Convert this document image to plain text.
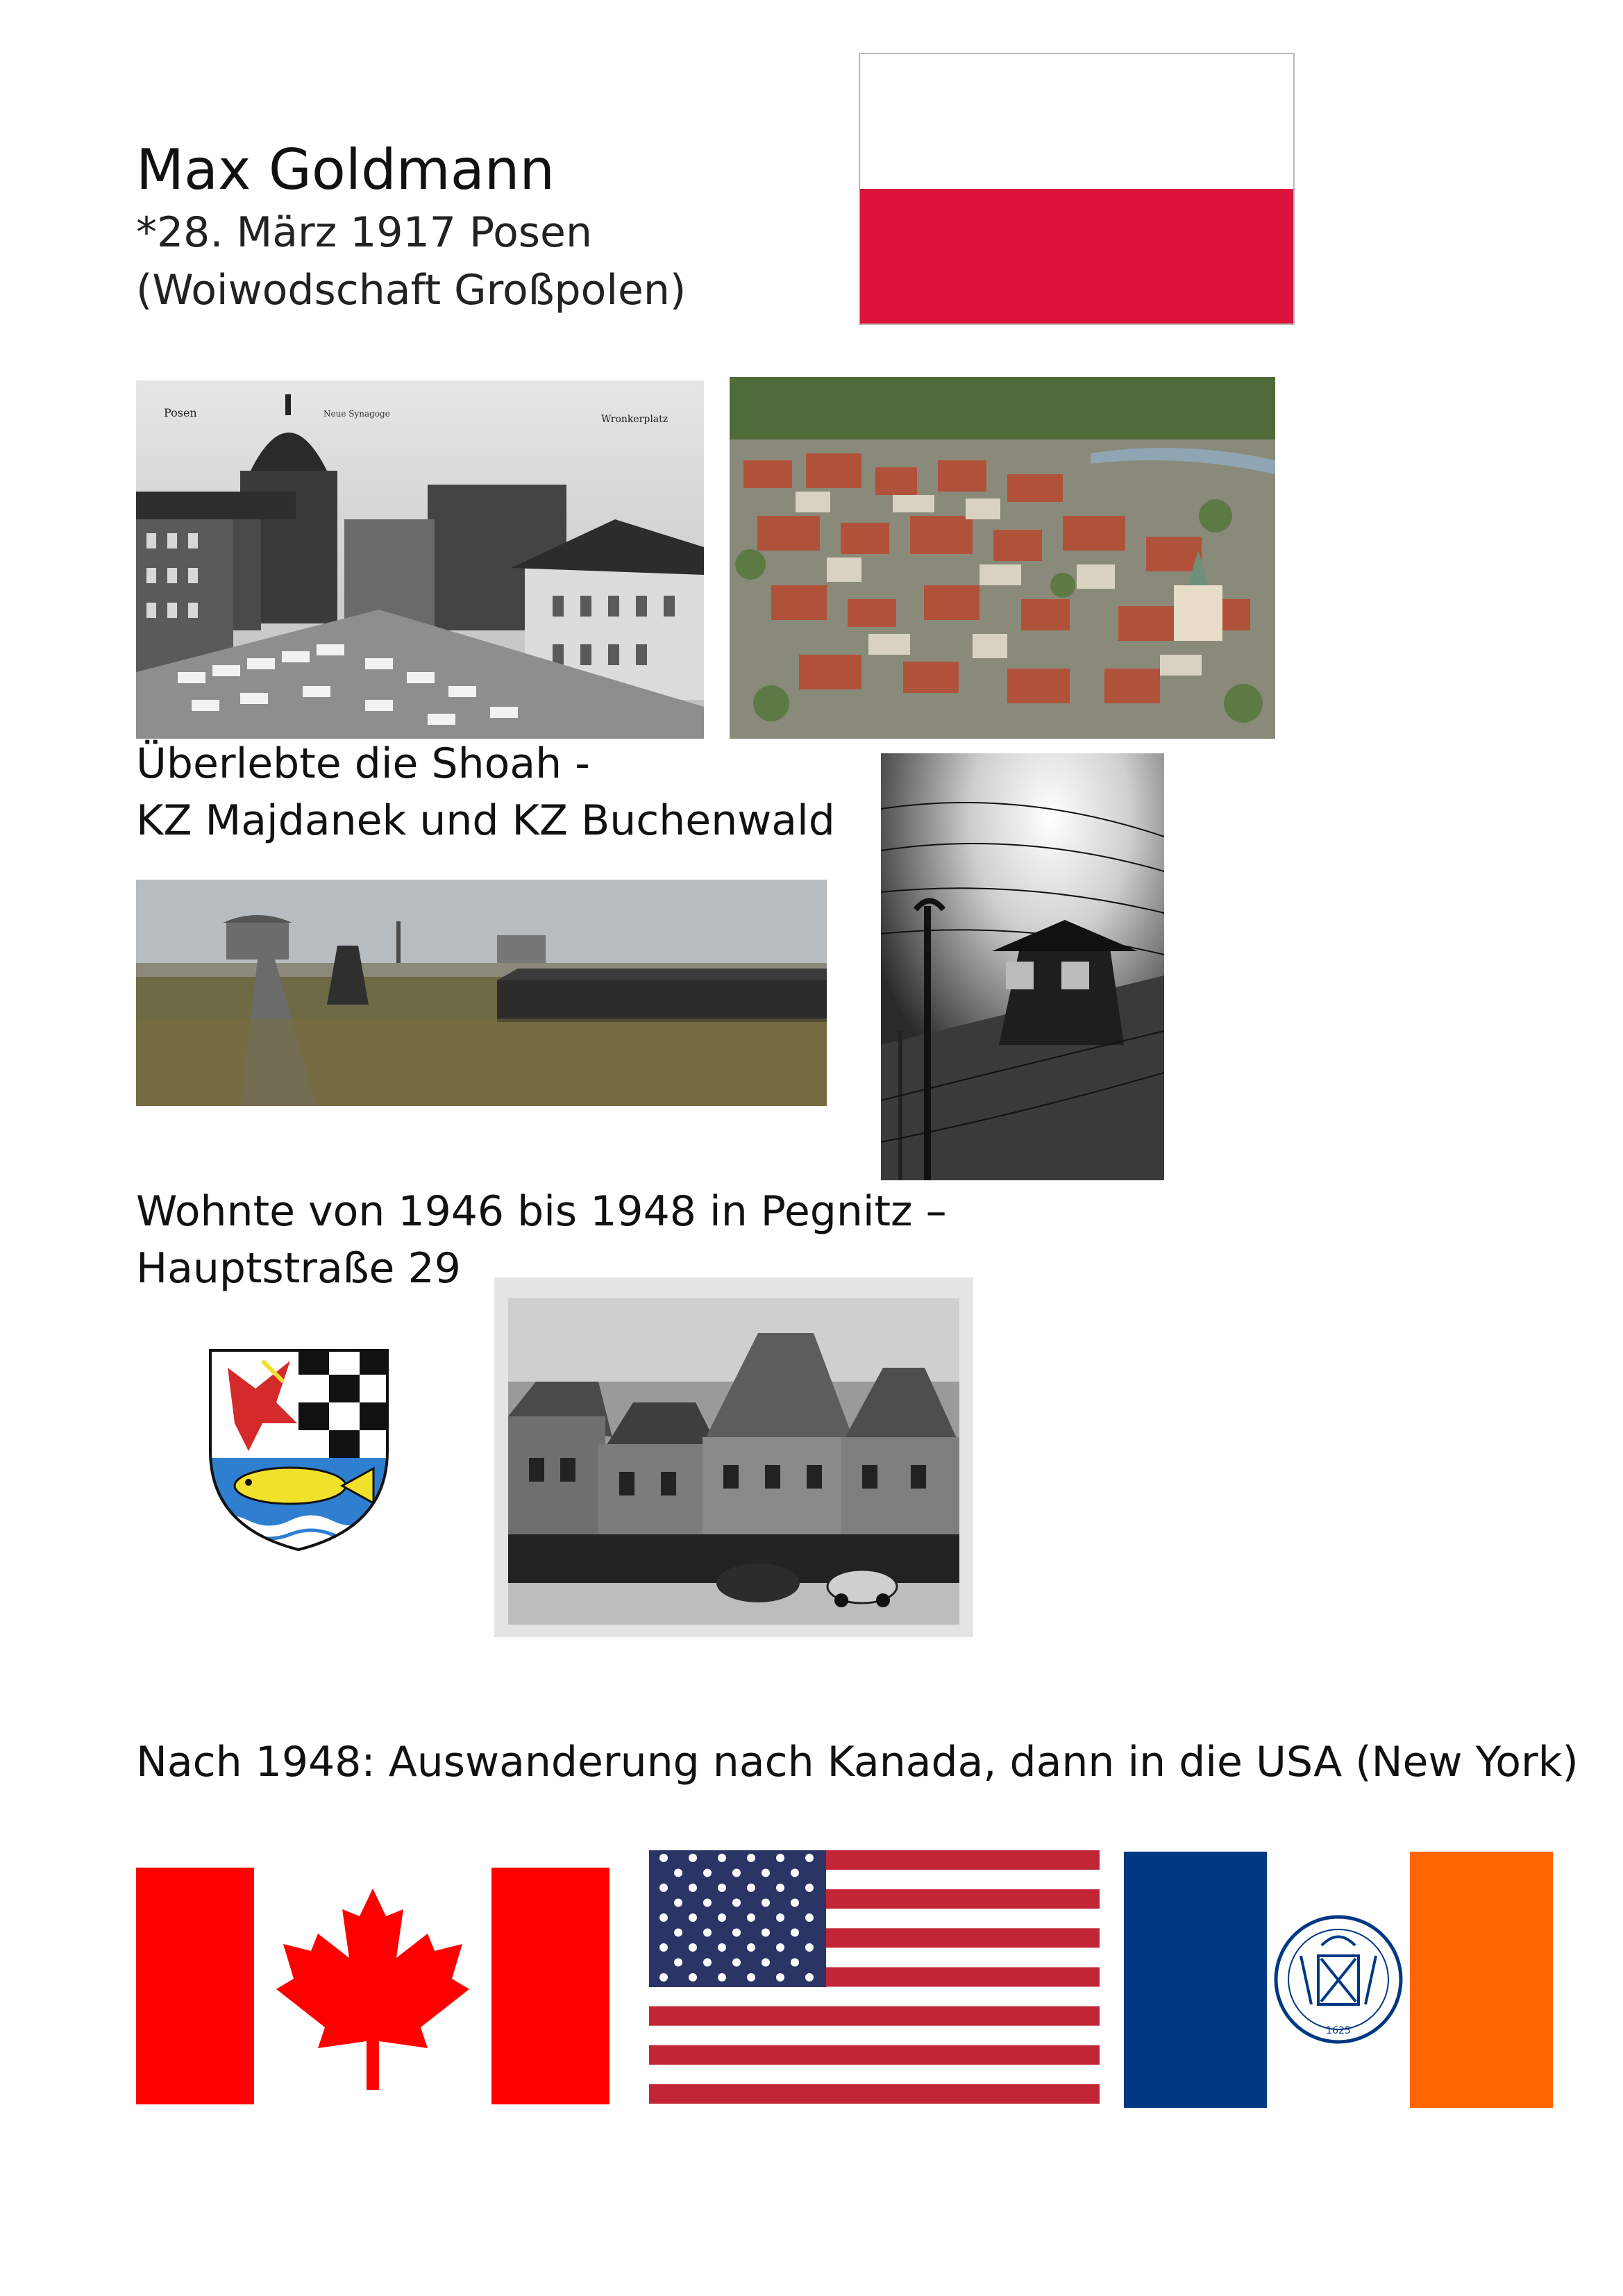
Max Goldmann
*28. März 1917 Posen
(Woiwodschaft Großpolen)
Überlebte die Shoah -
KZ Majdanek und KZ Buchenwald
Wohnte von 1946 bis 1948 in Pegnitz –
Hauptstraße 29
Nach 1948: Auswanderung nach Kanada, dann in die USA (New York)
Posen	Neue Synagoge	Wronkerplatz
1625
